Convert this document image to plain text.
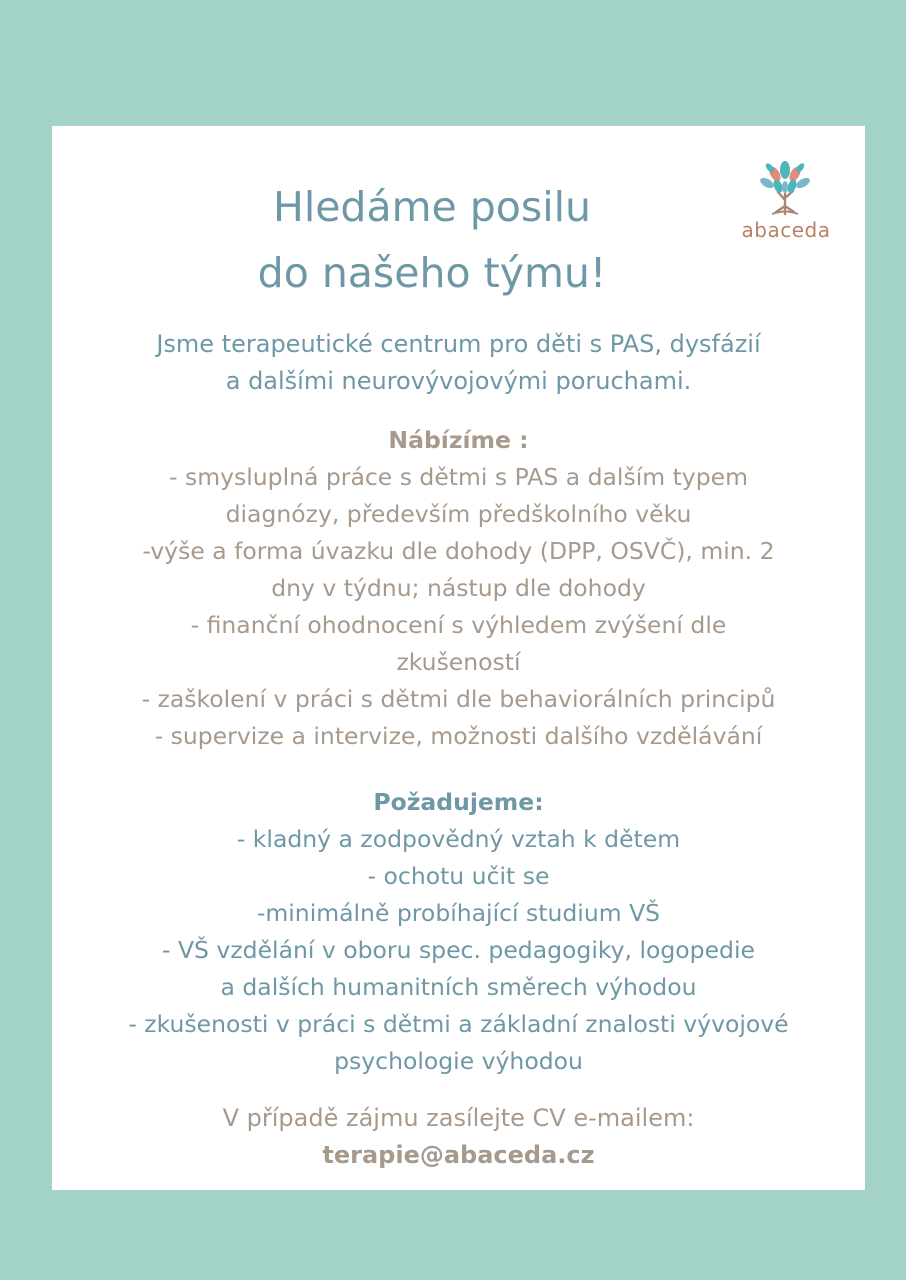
abaceda
Hledáme posilu
do našeho týmu!
Jsme terapeutické centrum pro děti s PAS, dysfázií
a dalšími neurovývojovými poruchami.
Nábízíme :
- smysluplná práce s dětmi s PAS a dalším typem
diagnózy, především předškolního věku
-výše a forma úvazku dle dohody (DPP, OSVČ), min. 2
dny v týdnu; nástup dle dohody
- finanční ohodnocení s výhledem zvýšení dle
zkušeností
- zaškolení v práci s dětmi dle behaviorálních principů
- supervize a intervize, možnosti dalšího vzdělávání
Požadujeme:
- kladný a zodpovědný vztah k dětem
- ochotu učit se
-minimálně probíhající studium VŠ
- VŠ vzdělání v oboru spec. pedagogiky, logopedie
a dalších humanitních směrech výhodou
- zkušenosti v práci s dětmi a základní znalosti vývojové
psychologie výhodou
V případě zájmu zasílejte CV e-mailem:
terapie@abaceda.cz
